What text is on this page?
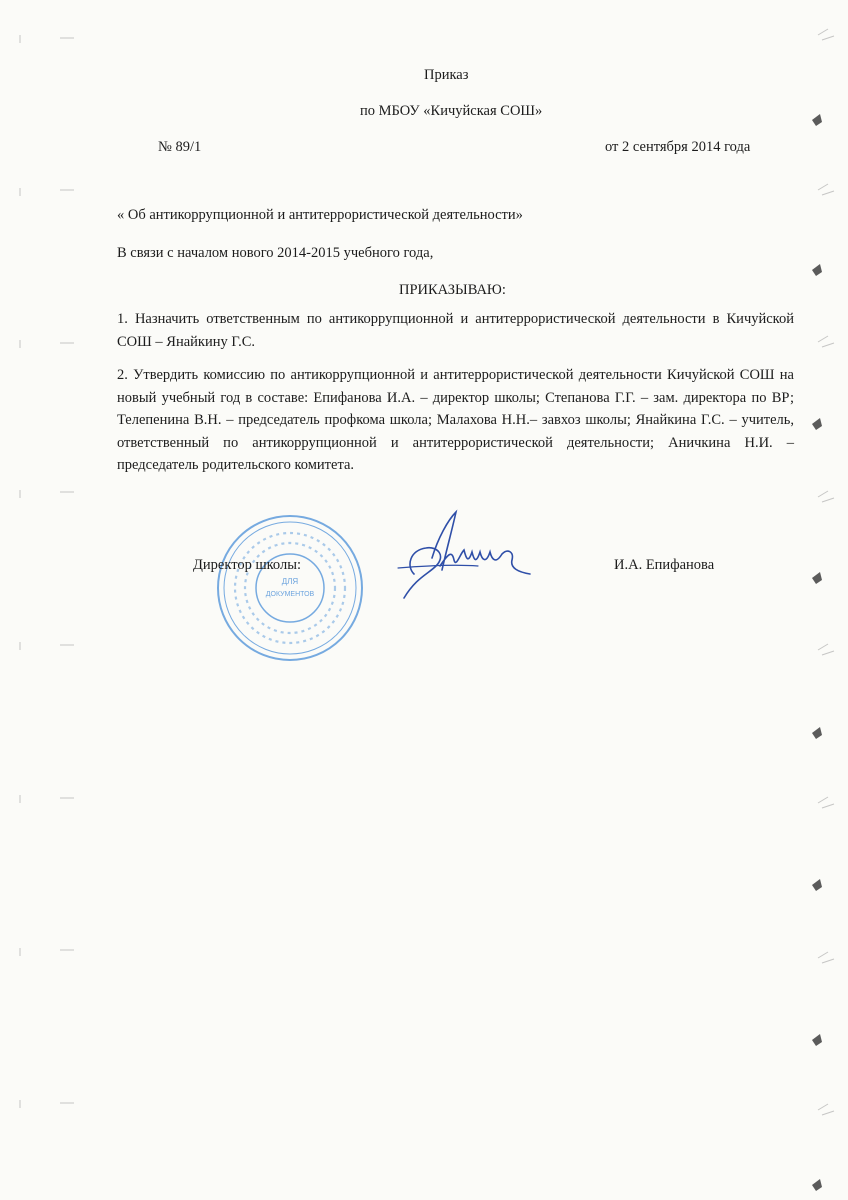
Приказ
по МБОУ «Кичуйская СОШ»
№ 89/1	от 2 сентября 2014 года
« Об антикоррупционной и антитеррористической деятельности»
В связи с началом нового 2014-2015 учебного года,
ПРИКАЗЫВАЮ:
1. Назначить ответственным по антикоррупционной и антитеррористической деятельности в Кичуйской СОШ – Янайкину Г.С.
2. Утвердить комиссию по антикоррупционной и антитеррористической деятельности Кичуйской СОШ на новый учебный год в составе: Епифанова И.А. – директор школы; Степанова Г.Г. – зам. директора по ВР; Телепенина В.Н. – председатель профкома школа; Малахова Н.Н.– завхоз школы; Янайкина Г.С. – учитель, ответственный по антикоррупционной и антитеррористической деятельности; Аничкина Н.И. – председатель родительского комитета.
ДЛЯ
ДОКУМЕНТОВ
Директор школы:	И.А. Епифанова
